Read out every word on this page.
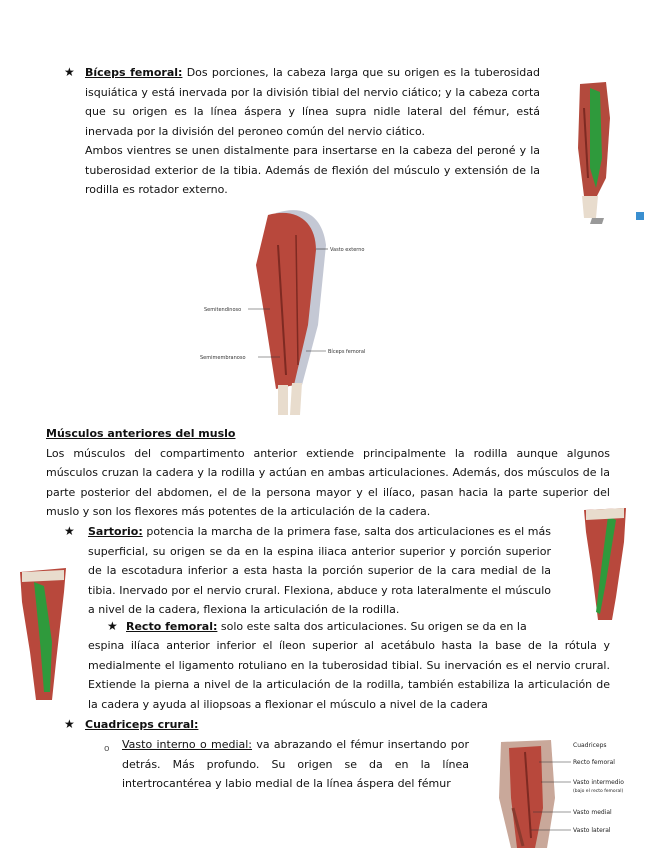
★ Bíceps femoral: Dos porciones, la cabeza larga que su origen es la tuberosidad isquiática y está inervada por la división tibial del nervio ciático; y la cabeza corta que su origen es la línea áspera y línea supra nidle lateral del fémur, está inervada por la división del peroneo común del nervio ciático.

Ambos vientres se unen distalmente para insertarse en la cabeza del peroné y la tuberosidad exterior de la tibia. Además de flexión del músculo y extensión de la rodilla es rotador externo.

Vasto externo
Semitendinoso
Semimembranoso
Bíceps femoral

Músculos anteriores del muslo

Los músculos del compartimento anterior extiende principalmente la rodilla aunque algunos músculos cruzan la cadera y la rodilla y actúan en ambas articulaciones. Además, dos músculos de la parte posterior del abdomen, el de la persona mayor y el ilíaco, pasan hacia la parte superior del muslo y son los flexores más potentes de la articulación de la cadera.

★ Sartorio: potencia la marcha de la primera fase, salta dos articulaciones es el más superficial, su origen se da en la espina iliaca anterior superior y porción superior de la escotadura inferior a esta hasta la porción superior de la cara medial de la tibia. Inervado por el nervio crural. Flexiona, abduce y rota lateralmente el músculo a nivel de la cadera, flexiona la articulación de la rodilla.

★ Recto femoral: solo este salta dos articulaciones. Su origen se da en la

espina ilíaca anterior inferior el íleon superior al acetábulo hasta la base de la rótula y medialmente el ligamento rotuliano en la tuberosidad tibial. Su inervación es el nervio crural. Extiende la pierna a nivel de la articulación de la rodilla, también estabiliza la articulación de la cadera y ayuda al iliopsoas a flexionar el músculo a nivel de la cadera

★ Cuadriceps crural:

o Vasto interno o medial: va abrazando el fémur insertando por detrás. Más profundo. Su origen se da en la línea intertrocantérea y labio medial de la línea áspera del fémur

Cuadriceps
Recto femoral
Vasto intermedio
(bajo el recto femoral)
Vasto medial
Vasto lateral
